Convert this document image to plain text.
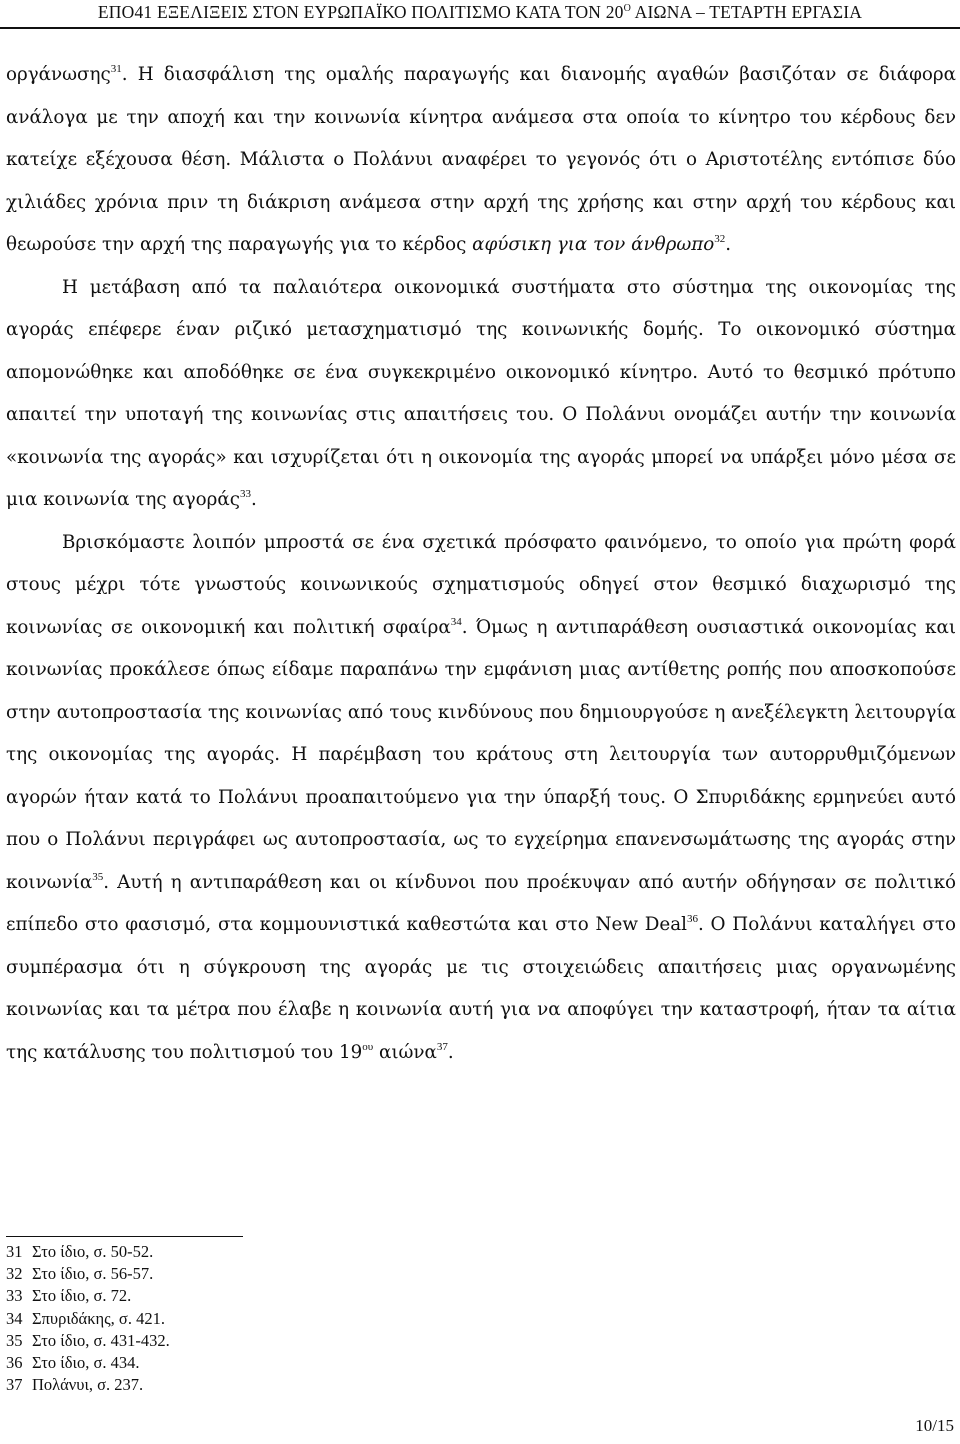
ΕΠΟ41 ΕΞΕΛΙΞΕΙΣ ΣΤΟΝ ΕΥΡΩΠΑΪΚΟ ΠΟΛΙΤΙΣΜΟ ΚΑΤΑ ΤΟΝ $20^O$ ΑΙΩΝΑ – ΤΕΤΑΡΤΗ ΕΡΓΑΣΙΑ

οργάνωσης$^{31}$. Η διασφάλιση της ομαλής παραγωγής και διανομής αγαθών βασιζόταν σε διάφορα ανάλογα με την αποχή και την κοινωνία κίνητρα ανάμεσα στα οποία το κίνητρο του κέρδους δεν κατείχε εξέχουσα θέση. Μάλιστα ο Πολάνυι αναφέρει το γεγονός ότι ο Αριστοτέλης εντόπισε δύο χιλιάδες χρόνια πριν τη διάκριση ανάμεσα στην αρχή της χρήσης και στην αρχή του κέρδους και θεωρούσε την αρχή της παραγωγής για το κέρδος αφύσικη για τον άνθρωπο$^{32}$.

Η μετάβαση από τα παλαιότερα οικονομικά συστήματα στο σύστημα της οικονομίας της αγοράς επέφερε έναν ριζικό μετασχηματισμό της κοινωνικής δομής. Το οικονομικό σύστημα απομονώθηκε και αποδόθηκε σε ένα συγκεκριμένο οικονομικό κίνητρο. Αυτό το θεσμικό πρότυπο απαιτεί την υποταγή της κοινωνίας στις απαιτήσεις του. Ο Πολάνυι ονομάζει αυτήν την κοινωνία «κοινωνία της αγοράς» και ισχυρίζεται ότι η οικονομία της αγοράς μπορεί να υπάρξει μόνο μέσα σε μια κοινωνία της αγοράς$^{33}$.

Βρισκόμαστε λοιπόν μπροστά σε ένα σχετικά πρόσφατο φαινόμενο, το οποίο για πρώτη φορά στους μέχρι τότε γνωστούς κοινωνικούς σχηματισμούς οδηγεί στον θεσμικό διαχωρισμό της κοινωνίας σε οικονομική και πολιτική σφαίρα$^{34}$. Όμως η αντιπαράθεση ουσιαστικά οικονομίας και κοινωνίας προκάλεσε όπως είδαμε παραπάνω την εμφάνιση μιας αντίθετης ροπής που αποσκοπούσε στην αυτοπροστασία της κοινωνίας από τους κινδύνους που δημιουργούσε η ανεξέλεγκτη λειτουργία της οικονομίας της αγοράς. Η παρέμβαση του κράτους στη λειτουργία των αυτορρυθμιζόμενων αγορών ήταν κατά το Πολάνυι προαπαιτούμενο για την ύπαρξή τους. Ο Σπυριδάκης ερμηνεύει αυτό που ο Πολάνυι περιγράφει ως αυτοπροστασία, ως το εγχείρημα επανενσωμάτωσης της αγοράς στην κοινωνία$^{35}$. Αυτή η αντιπαράθεση και οι κίνδυνοι που προέκυψαν από αυτήν οδήγησαν σε πολιτικό επίπεδο στο φασισμό, στα κομμουνιστικά καθεστώτα και στο New Deal$^{36}$. Ο Πολάνυι καταλήγει στο συμπέρασμα ότι η σύγκρουση της αγοράς με τις στοιχειώδεις απαιτήσεις μιας οργανωμένης κοινωνίας και τα μέτρα που έλαβε η κοινωνία αυτή για να αποφύγει την καταστροφή, ήταν τα αίτια της κατάλυσης του πολιτισμού του 19$^{o\upsilon}$ αιώνα$^{37}$.

31 Στο ίδιο, σ. 50-52.
32 Στο ίδιο, σ. 56-57.
33 Στο ίδιο, σ. 72.
34 Σπυριδάκης, σ. 421.
35 Στο ίδιο, σ. 431-432.
36 Στο ίδιο, σ. 434.
37 Πολάνυι, σ. 237.
10/15
